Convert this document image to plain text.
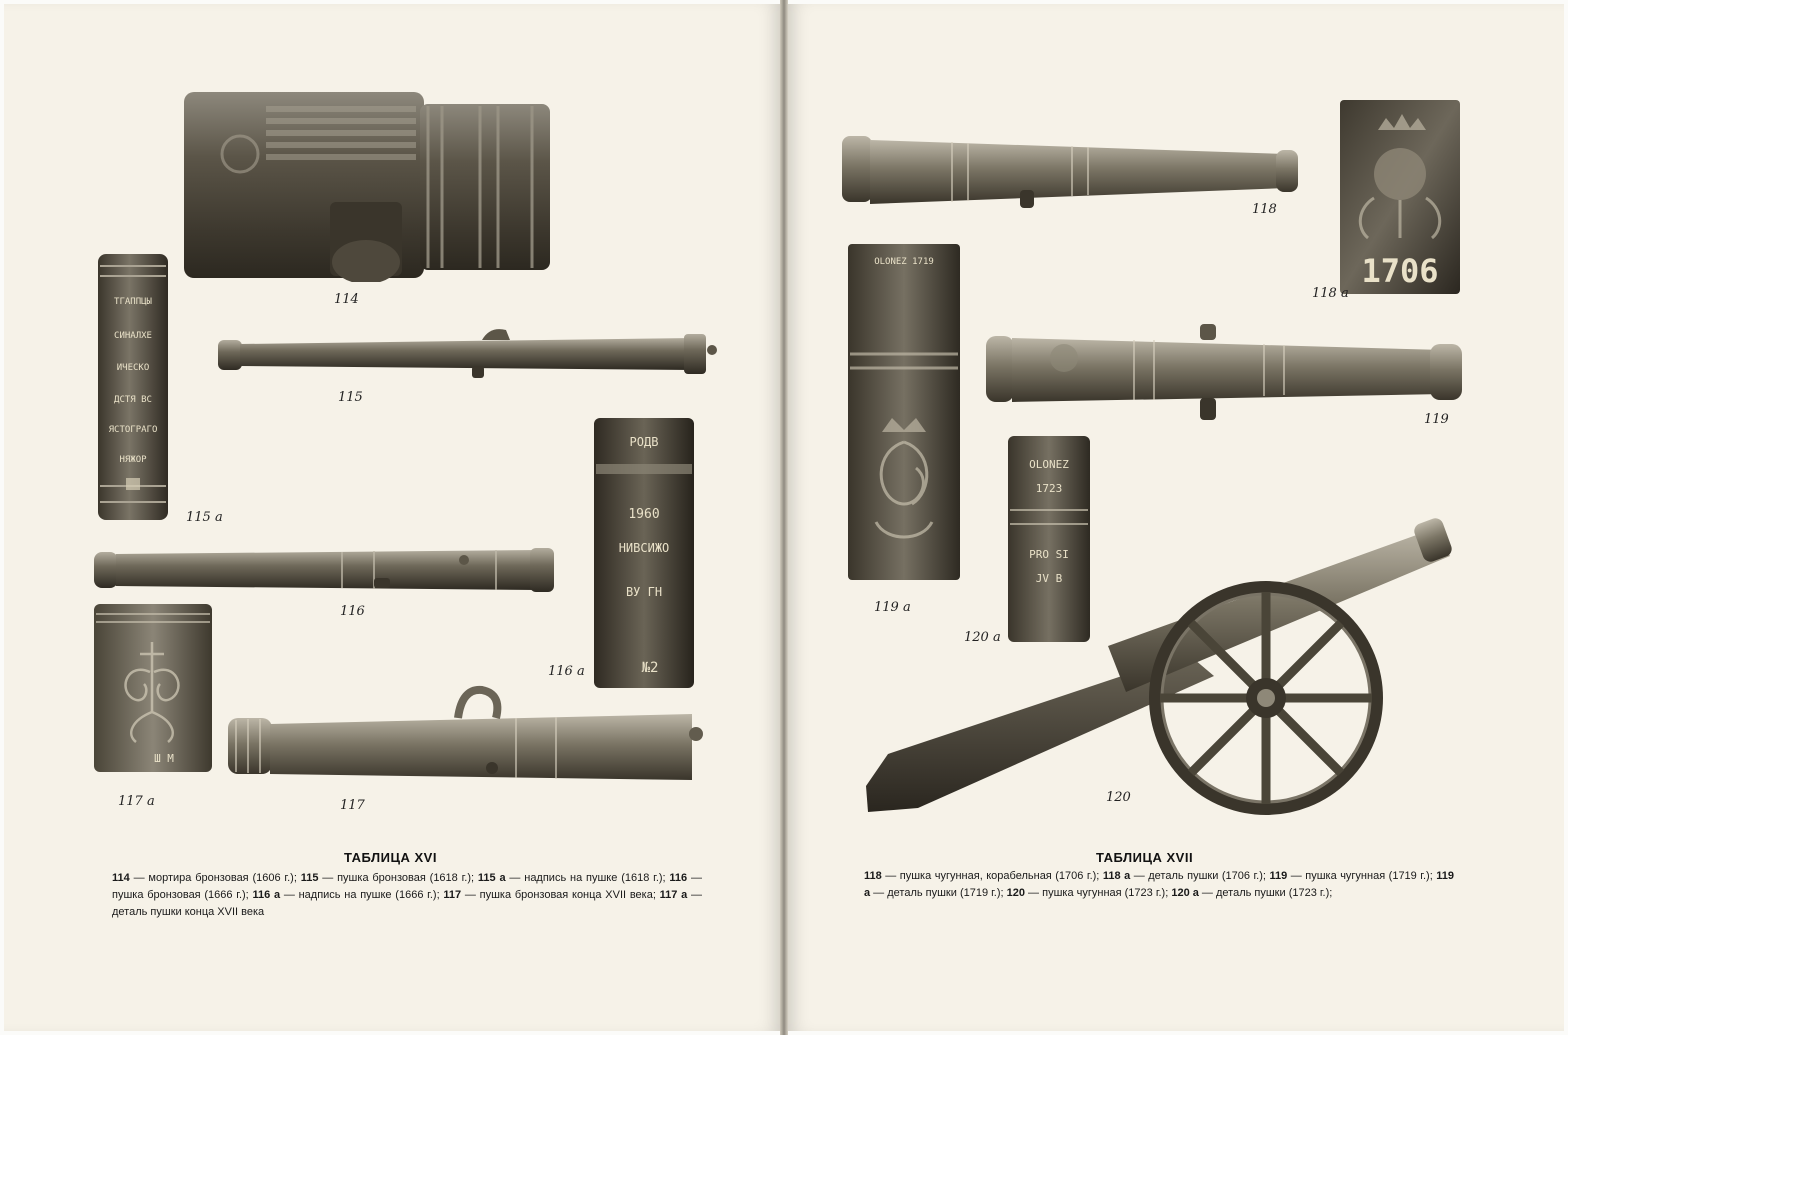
114
115
ТГАППЦЫ
СИНАЛХЕ
ИЧЕСКО
ДСТЯ ВС
ЯСТОГРАГО
НЯЖОР
115 a
116
РОДВ
1960
НИВСИЖО
ВУ ГН
№2
116 a
Ш М
117 a	117
ТАБЛИЦА XVI
114 — мортира бронзовая (1606 г.); 115 — пушка бронзовая (1618 г.); 115 а — надпись на пушке (1618 г.); 116 — пушка бронзовая (1666 г.); 116 а — надпись на пушке (1666 г.); 117 — пушка бронзовая конца XVII века; 117 а — деталь пушки конца XVII века
118
1706
118 a
OLONEZ 1719
119 a
119
OLONEZ
1723
PRO SI
JV B
120 a
120
ТАБЛИЦА XVII
118 — пушка чугунная, корабельная (1706 г.); 118 а — деталь пушки (1706 г.); 119 — пушка чугунная (1719 г.); 119 а — деталь пушки (1719 г.); 120 — пушка чугунная (1723 г.); 120 а — деталь пушки (1723 г.);
